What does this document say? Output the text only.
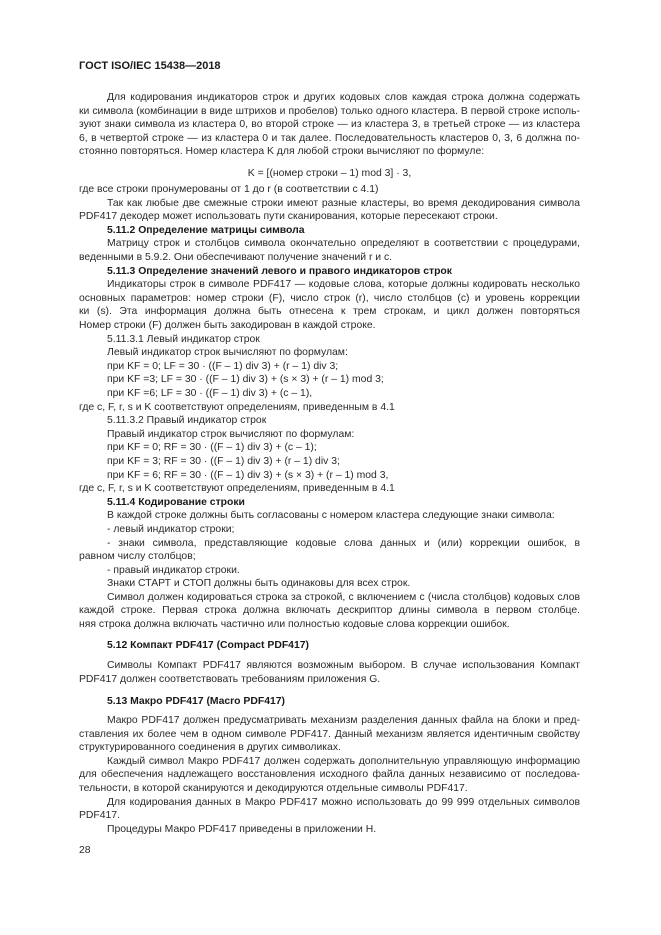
ГОСТ ISO/IEC 15438—2018
Для кодирования индикаторов строк и других кодовых слов каждая строка должна содержать
ки символа (комбинации в виде штрихов и пробелов) только одного кластера. В первой строке исполь-
зуют знаки символа из кластера 0, во второй строке — из кластера 3, в третьей строке — из кластера
6, в четвертой строке — из кластера 0 и так далее. Последовательность кластеров 0, 3, 6 должна по-
стоянно повторяться. Номер кластера K для любой строки вычисляют по формуле:
K = [(номер строки – 1) mod 3] · 3,
где все строки пронумерованы от 1 до r (в соответствии с 4.1)
Так как любые две смежные строки имеют разные кластеры, во время декодирования символа
PDF417 декодер может использовать пути сканирования, которые пересекают строки.
5.11.2 Определение матрицы символа
Матрицу строк и столбцов символа окончательно определяют в соответствии с процедурами,
веденными в 5.9.2. Они обеспечивают получение значений r и c.
5.11.3 Определение значений левого и правого индикаторов строк
Индикаторы строк в символе PDF417 — кодовые слова, которые должны кодировать несколько
основных параметров: номер строки (F), число строк (r), число столбцов (c) и уровень коррекции
ки (s). Эта информация должна быть отнесена к трем строкам, и цикл должен повторяться
Номер строки (F) должен быть закодирован в каждой строке.
5.11.3.1 Левый индикатор строк
Левый индикатор строк вычисляют по формулам:
при KF = 0; LF = 30 · ((F – 1) div 3) + (r – 1) div 3;
при KF =3; LF = 30 · ((F – 1) div 3) + (s × 3) + (r – 1) mod 3;
при KF =6; LF = 30 · ((F – 1) div 3) + (c – 1),
где c, F, r, s и K соответствуют определениям, приведенным в 4.1
5.11.3.2 Правый индикатор строк
Правый индикатор строк вычисляют по формулам:
при KF = 0; RF = 30 · ((F – 1) div 3) + (c – 1);
при KF = 3; RF = 30 · ((F – 1) div 3) + (r – 1) div 3;
при KF = 6; RF = 30 · ((F – 1) div 3) + (s × 3) + (r – 1) mod 3,
где c, F, r, s и K соответствуют определениям, приведенным в 4.1
5.11.4 Кодирование строки
В каждой строке должны быть согласованы с номером кластера следующие знаки символа:
- левый индикатор строки;
- знаки символа, представляющие кодовые слова данных и (или) коррекции ошибок, в
равном числу столбцов;
- правый индикатор строки.
Знаки СТАРТ и СТОП должны быть одинаковы для всех строк.
Символ должен кодироваться строка за строкой, с включением c (числа столбцов) кодовых слов
каждой строке. Первая строка должна включать дескриптор длины символа в первом столбце.
няя строка должна включать частично или полностью кодовые слова коррекции ошибок.
5.12 Компакт PDF417 (Compact PDF417)
Символы Компакт PDF417 являются возможным выбором. В случае использования Компакт
PDF417 должен соответствовать требованиям приложения G.
5.13 Макро PDF417 (Macro PDF417)
Макро PDF417 должен предусматривать механизм разделения данных файла на блоки и пред-
ставления их более чем в одном символе PDF417. Данный механизм является идентичным свойству
структурированного соединения в других символиках.
Каждый символ Макро PDF417 должен содержать дополнительную управляющую информацию
для обеспечения надлежащего восстановления исходного файла данных независимо от последова-
тельности, в которой сканируются и декодируются отдельные символы PDF417.
Для кодирования данных в Макро PDF417 можно использовать до 99 999 отдельных символов
PDF417.
Процедуры Макро PDF417 приведены в приложении H.
28
